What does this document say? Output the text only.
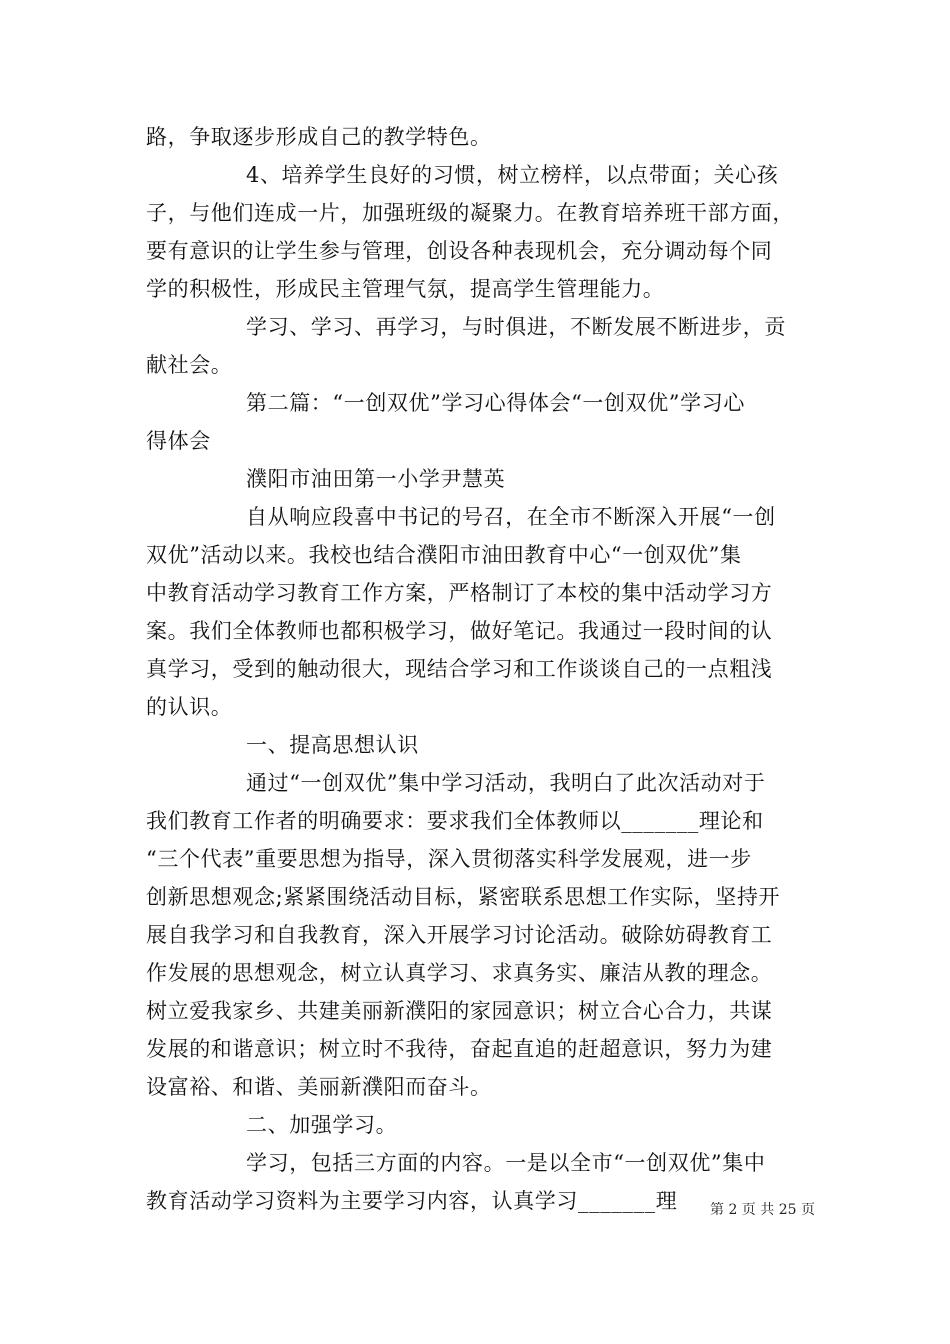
路，争取逐步形成自己的教学特色。
4、培养学生良好的习惯，树立榜样，以点带面；关心孩
子，与他们连成一片，加强班级的凝聚力。在教育培养班干部方面，
要有意识的让学生参与管理，创设各种表现机会，充分调动每个同
学的积极性，形成民主管理气氛，提高学生管理能力。
学习、学习、再学习，与时俱进，不断发展不断进步，贡
献社会。
第二篇：“一创双优”学习心得体会“一创双优”学习心
得体会
濮阳市油田第一小学尹慧英
自从响应段喜中书记的号召，在全市不断深入开展“一创
双优”活动以来。我校也结合濮阳市油田教育中心“一创双优”集
中教育活动学习教育工作方案，严格制订了本校的集中活动学习方
案。我们全体教师也都积极学习，做好笔记。我通过一段时间的认
真学习，受到的触动很大，现结合学习和工作谈谈自己的一点粗浅
的认识。
一、提高思想认识
通过“一创双优”集中学习活动，我明白了此次活动对于
我们教育工作者的明确要求：要求我们全体教师以_______理论和
“三个代表”重要思想为指导，深入贯彻落实科学发展观，进一步
创新思想观念;紧紧围绕活动目标，紧密联系思想工作实际，坚持开
展自我学习和自我教育，深入开展学习讨论活动。破除妨碍教育工
作发展的思想观念，树立认真学习、求真务实、廉洁从教的理念。
树立爱我家乡、共建美丽新濮阳的家园意识；树立合心合力，共谋
发展的和谐意识；树立时不我待，奋起直追的赶超意识，努力为建
设富裕、和谐、美丽新濮阳而奋斗。
二、加强学习。
学习，包括三方面的内容。一是以全市“一创双优”集中
教育活动学习资料为主要学习内容，认真学习_______理	第 2 页 共 25 页
